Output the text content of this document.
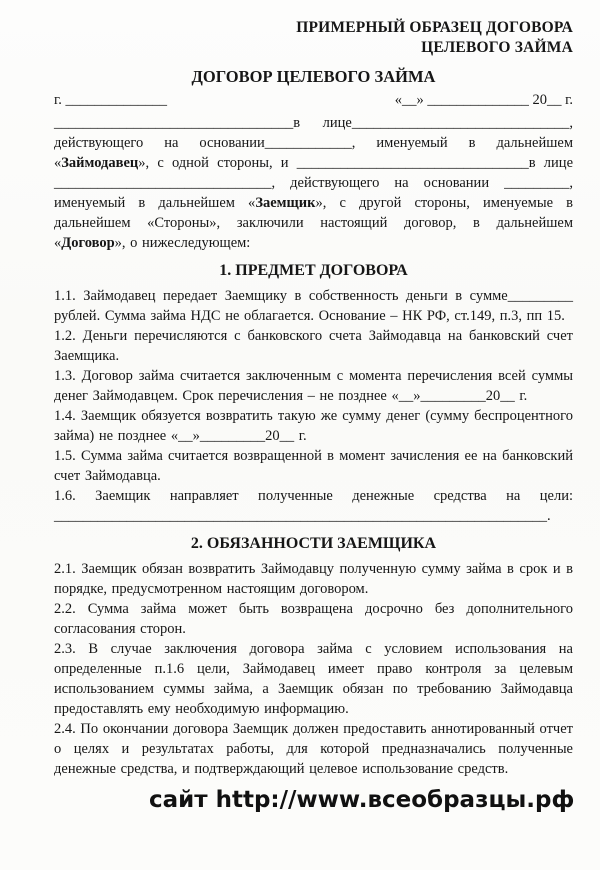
ПРИМЕРНЫЙ ОБРАЗЕЦ ДОГОВОРА
ЦЕЛЕВОГО ЗАЙМА
ДОГОВОР ЦЕЛЕВОГО ЗАЙМА
г. ______________	«__» ______________ 20__ г.

_________________________________в лице______________________________, действующего на основании____________, именуемый в дальнейшем «Займодавец», с одной стороны, и ________________________________в лице ______________________________, действующего на основании _________, именуемый в дальнейшем «Заемщик», с другой стороны, именуемые в дальнейшем «Стороны», заключили настоящий договор, в дальнейшем «Договор», о нижеследующем:

1. ПРЕДМЕТ ДОГОВОРА

1.1. Займодавец передает Заемщику в собственность деньги в сумме_________ рублей. Сумма займа НДС не облагается. Основание – НК РФ, ст.149, п.3, пп 15.

1.2. Деньги перечисляются с банковского счета Займодавца на банковский счет Заемщика.

1.3. Договор займа считается заключенным с момента перечисления всей суммы денег Займодавцем. Срок перечисления – не позднее «__»_________20__ г.

1.4. Заемщик обязуется возвратить такую же сумму денег (сумму беспроцентного займа) не позднее «__»_________20__ г.

1.5. Сумма займа считается возвращенной в момент зачисления ее на банковский счет Займодавца.

1.6. Заемщик направляет полученные денежные средства на цели: ____________________________________________________________________.

2. ОБЯЗАННОСТИ ЗАЕМЩИКА

2.1. Заемщик обязан возвратить Займодавцу полученную сумму займа в срок и в порядке, предусмотренном настоящим договором.

2.2. Сумма займа может быть возвращена досрочно без дополнительного согласования сторон.

2.3. В случае заключения договора займа с условием использования на определенные п.1.6 цели, Займодавец имеет право контроля за целевым использованием суммы займа, а Заемщик обязан по требованию Займодавца предоставлять ему необходимую информацию.

2.4. По окончании договора Заемщик должен предоставить аннотированный отчет о целях и результатах работы, для которой предназначались полученные денежные средства, и подтверждающий целевое использование средств.

сайт http://www.всеобразцы.рф
